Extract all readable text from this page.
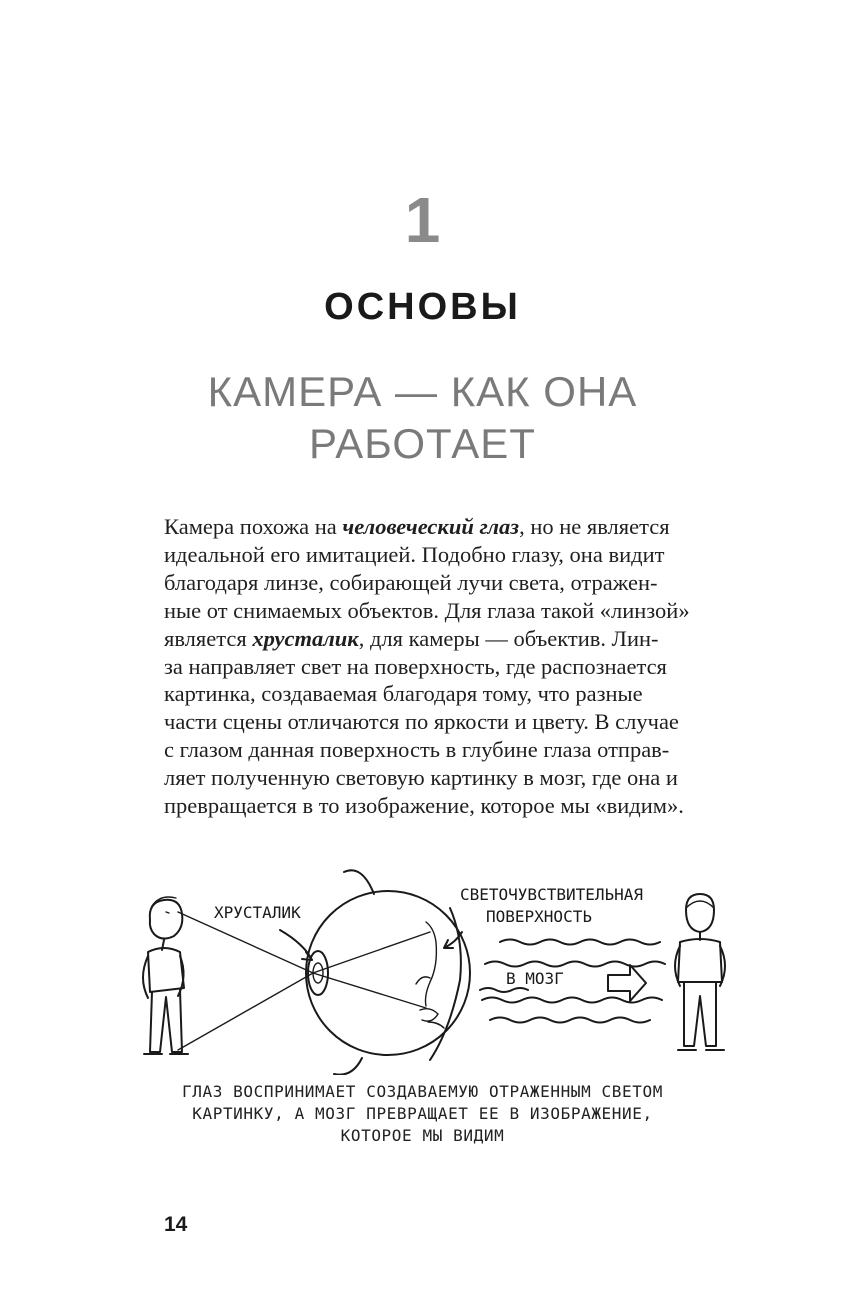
1
ОСНОВЫ
КАМЕРА — КАК ОНА
РАБОТАЕТ
Камера похожа на человеческий глаз, но не является
идеальной его имитацией. Подобно глазу, она видит
благодаря линзе, собирающей лучи света, отражен-
ные от снимаемых объектов. Для глаза такой «линзой»
является хрусталик, для камеры — объектив. Лин-
за направляет свет на поверхность, где распознается
картинка, создаваемая благодаря тому, что разные
части сцены отличаются по яркости и цвету. В случае
с глазом данная поверхность в глубине глаза отправ-
ляет полученную световую картинку в мозг, где она и
превращается в то изображение, которое мы «видим».
ХРУСТАЛИК
СВЕТОЧУВСТВИТЕЛЬНАЯ
ПОВЕРХНОСТЬ
В МОЗГ
ГЛАЗ ВОСПРИНИМАЕТ СОЗДАВАЕМУЮ ОТРАЖЕННЫМ СВЕТОМ
КАРТИНКУ, А МОЗГ ПРЕВРАЩАЕТ ЕЕ В ИЗОБРАЖЕНИЕ,
КОТОРОЕ МЫ ВИДИМ
14
